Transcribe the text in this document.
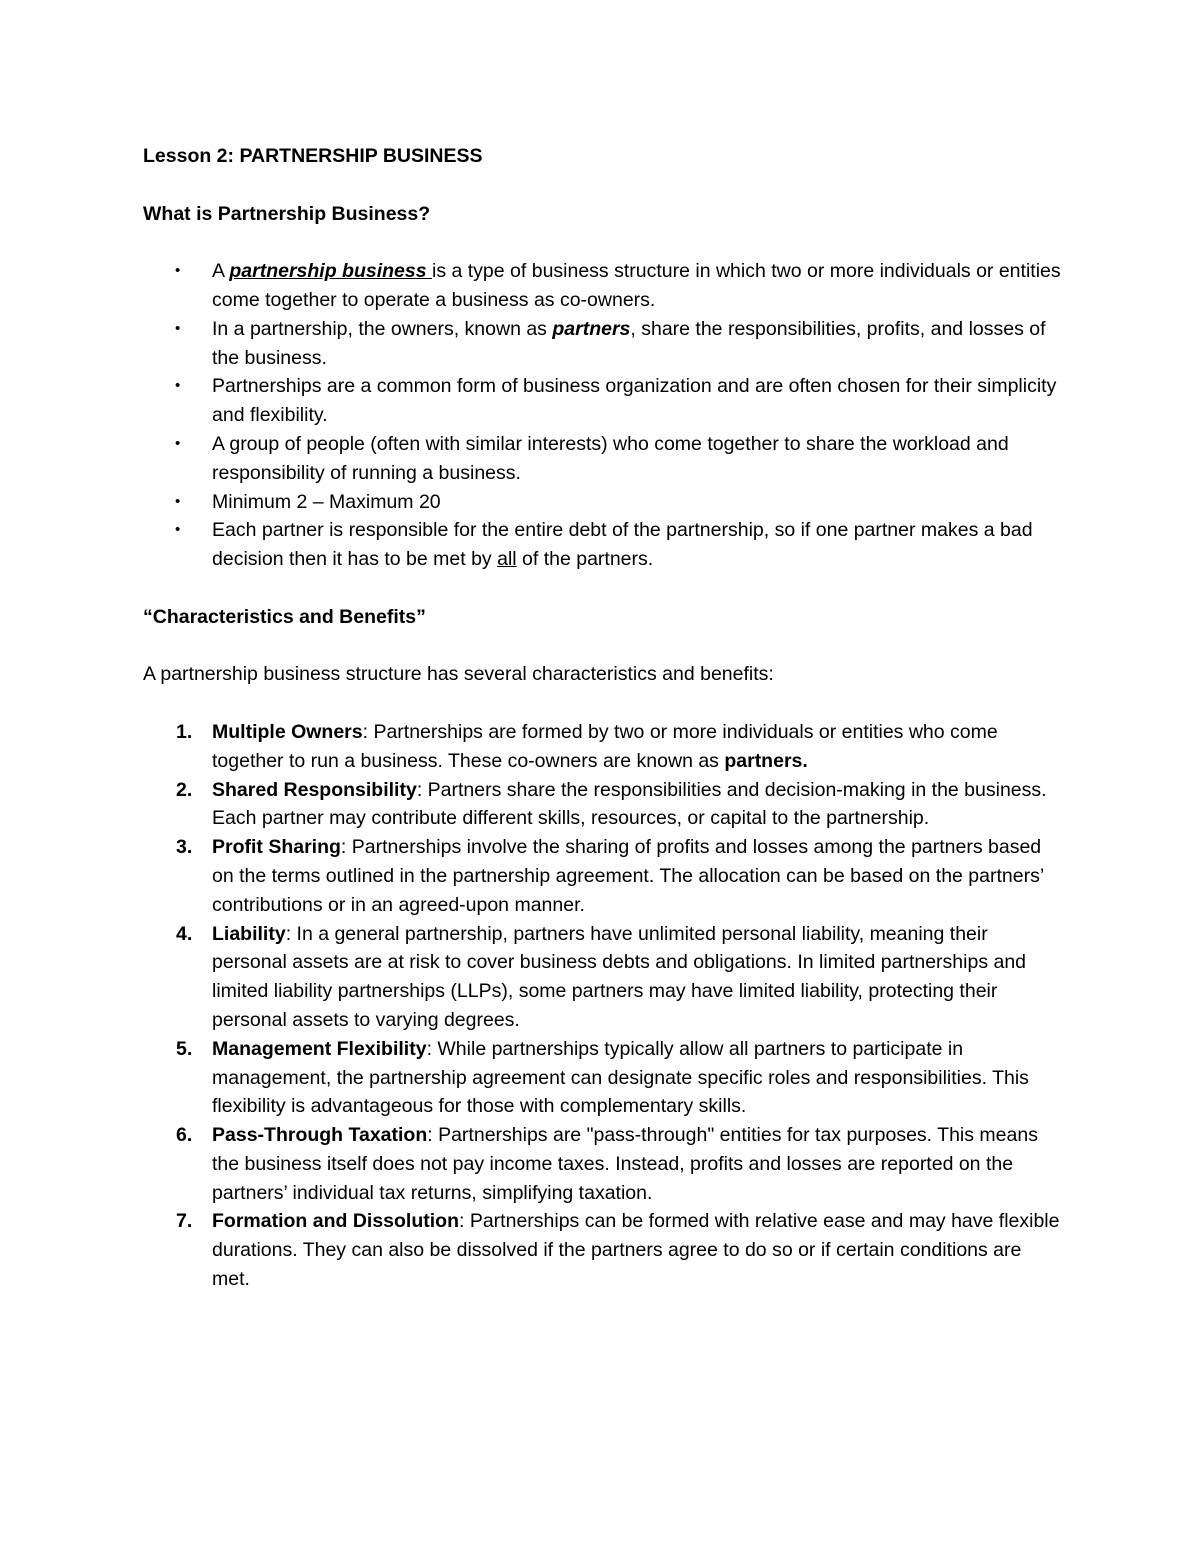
Lesson 2: PARTNERSHIP BUSINESS

What is Partnership Business?

• A partnership business is a type of business structure in which two or more individuals or entities come together to operate a business as co-owners.
• In a partnership, the owners, known as partners, share the responsibilities, profits, and losses of the business.
• Partnerships are a common form of business organization and are often chosen for their simplicity and flexibility.
• A group of people (often with similar interests) who come together to share the workload and responsibility of running a business.
• Minimum 2 – Maximum 20
• Each partner is responsible for the entire debt of the partnership, so if one partner makes a bad decision then it has to be met by all of the partners.

“Characteristics and Benefits”

A partnership business structure has several characteristics and benefits:

1. Multiple Owners: Partnerships are formed by two or more individuals or entities who come together to run a business. These co-owners are known as partners.
2. Shared Responsibility: Partners share the responsibilities and decision-making in the business. Each partner may contribute different skills, resources, or capital to the partnership.
3. Profit Sharing: Partnerships involve the sharing of profits and losses among the partners based on the terms outlined in the partnership agreement. The allocation can be based on the partners’ contributions or in an agreed-upon manner.
4. Liability: In a general partnership, partners have unlimited personal liability, meaning their personal assets are at risk to cover business debts and obligations. In limited partnerships and limited liability partnerships (LLPs), some partners may have limited liability, protecting their personal assets to varying degrees.
5. Management Flexibility: While partnerships typically allow all partners to participate in management, the partnership agreement can designate specific roles and responsibilities. This flexibility is advantageous for those with complementary skills.
6. Pass-Through Taxation: Partnerships are "pass-through" entities for tax purposes. This means the business itself does not pay income taxes. Instead, profits and losses are reported on the partners’ individual tax returns, simplifying taxation.
7. Formation and Dissolution: Partnerships can be formed with relative ease and may have flexible durations. They can also be dissolved if the partners agree to do so or if certain conditions are met.
